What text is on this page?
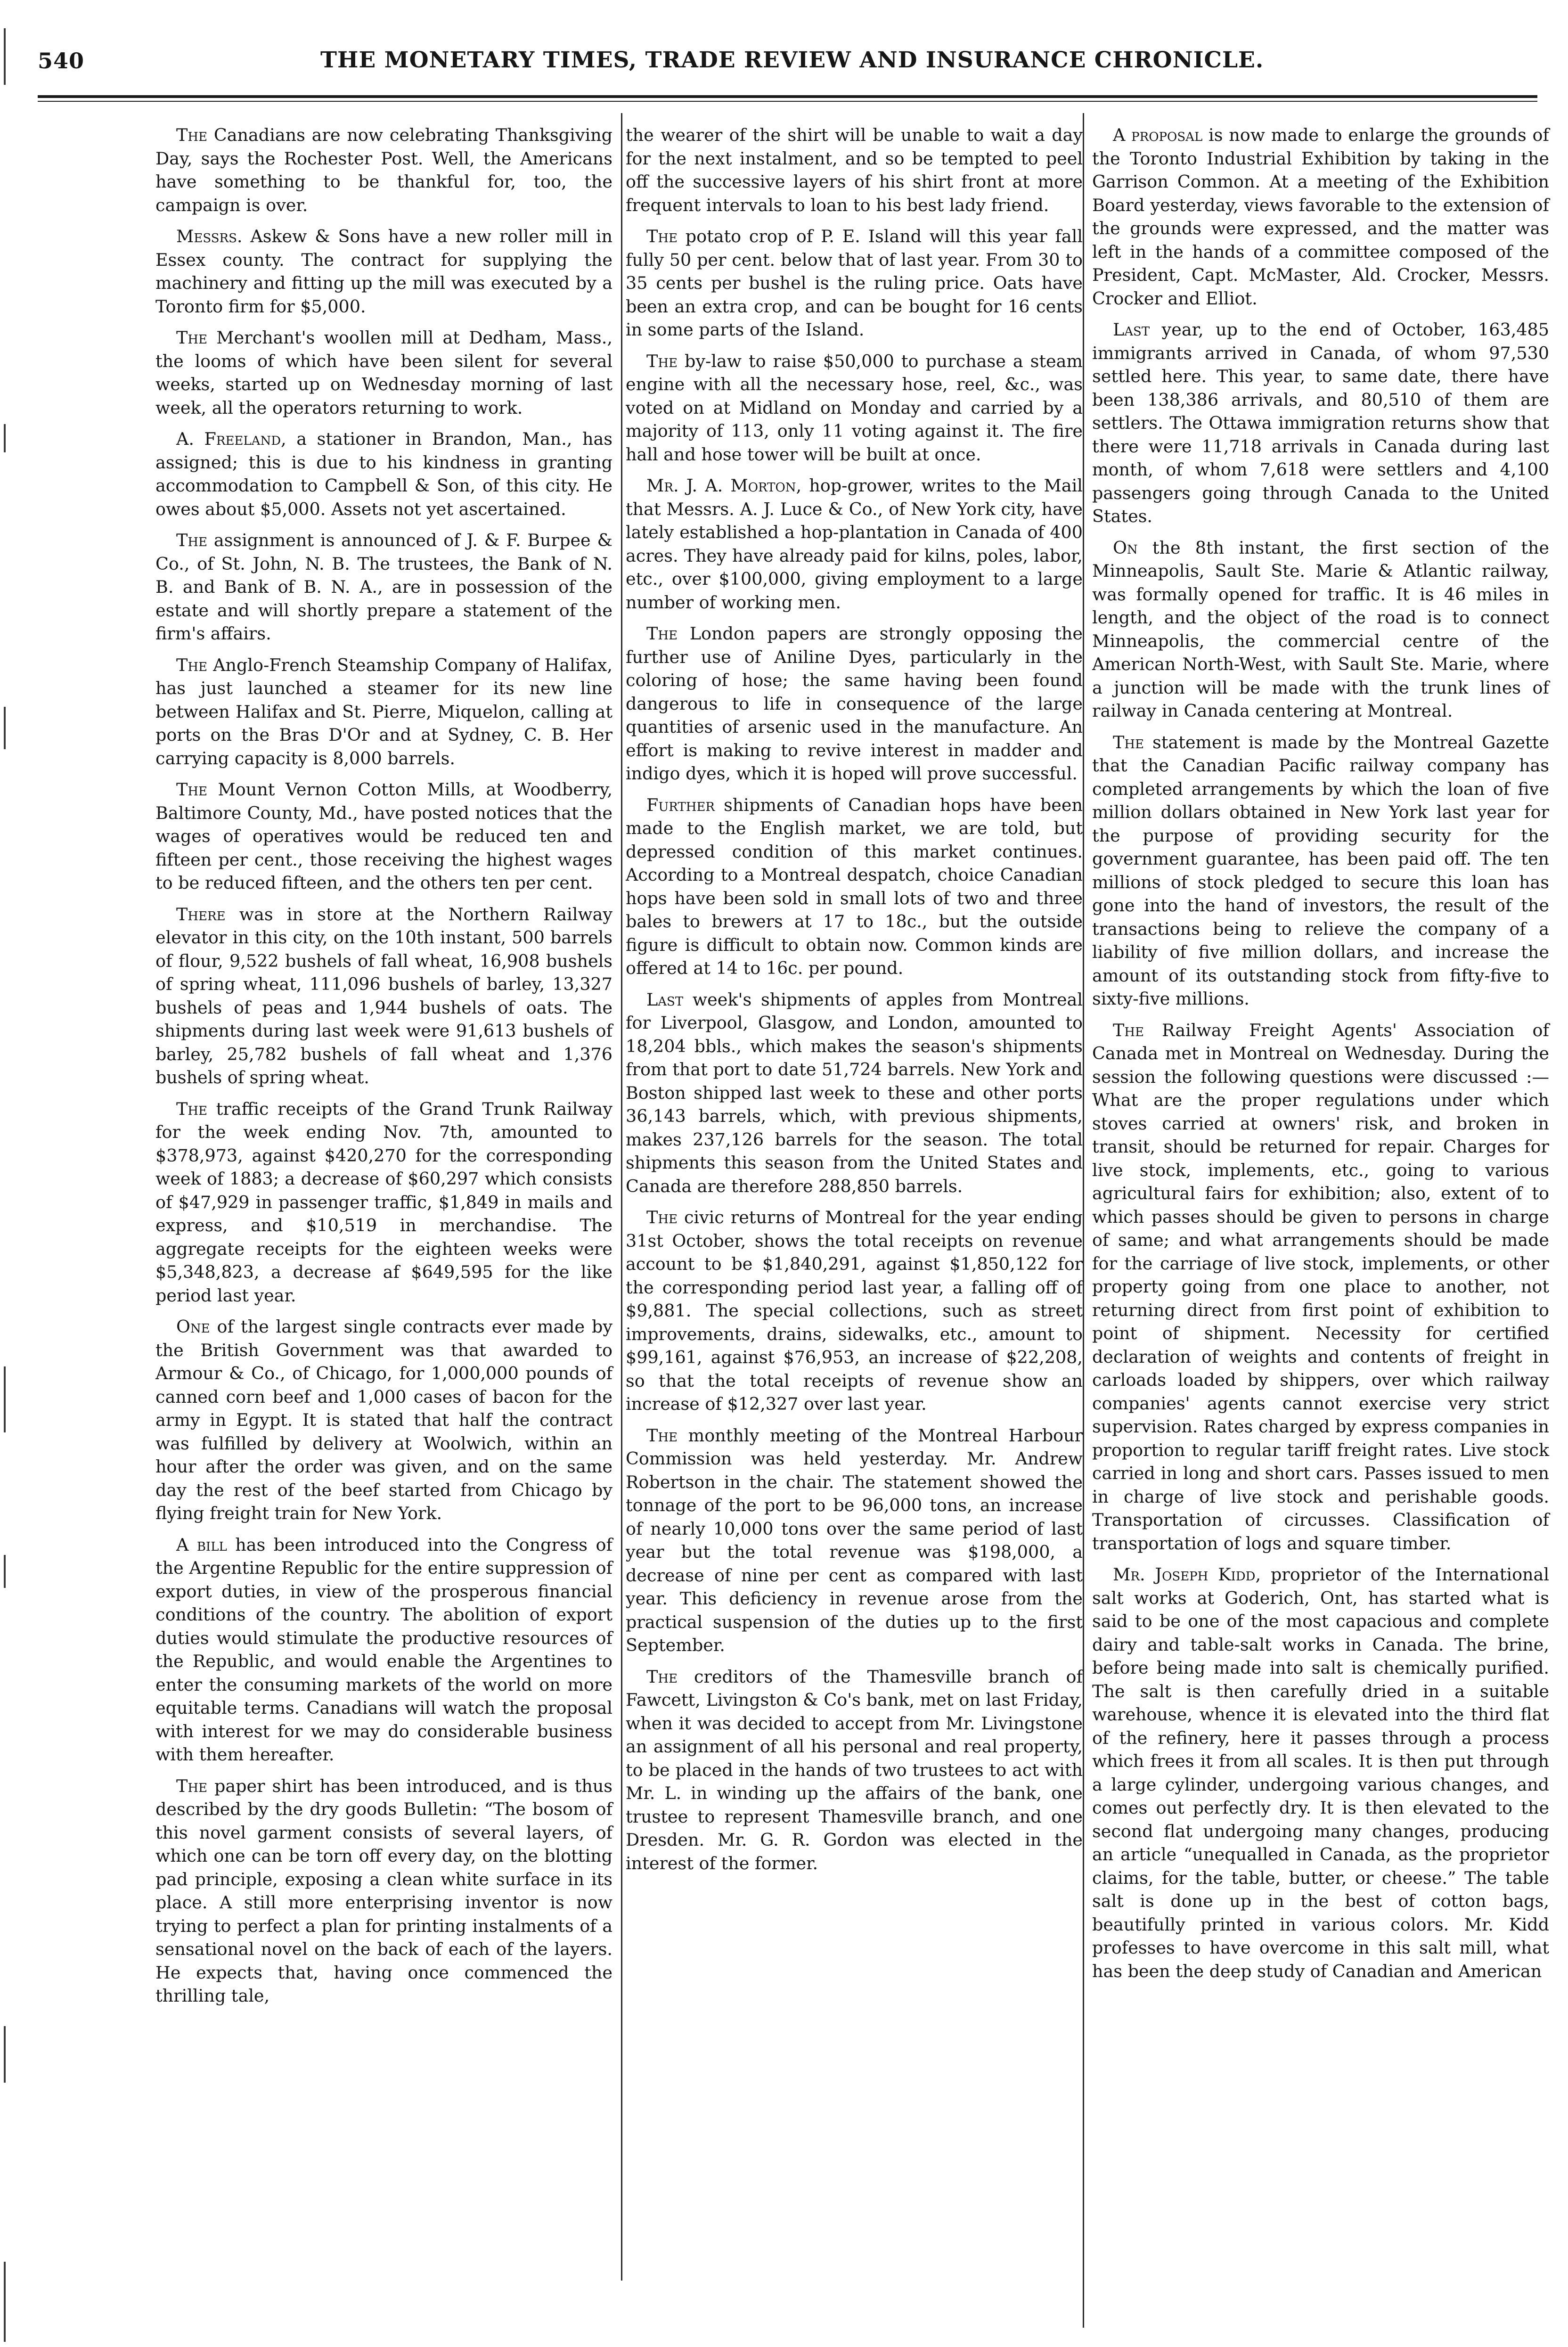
540	THE MONETARY TIMES, TRADE REVIEW AND INSURANCE CHRONICLE.

The Canadians are now celebrating Thanksgiving Day, says the Rochester Post. Well, the Americans have something to be thankful for, too, the campaign is over.

Messrs. Askew & Sons have a new roller mill in Essex county. The contract for supplying the machinery and fitting up the mill was executed by a Toronto firm for $5,000.

The Merchant's woollen mill at Dedham, Mass., the looms of which have been silent for several weeks, started up on Wednesday morning of last week, all the operators returning to work.

A. Freeland, a stationer in Brandon, Man., has assigned; this is due to his kindness in granting accommodation to Campbell & Son, of this city. He owes about $5,000. Assets not yet ascertained.

The assignment is announced of J. & F. Burpee & Co., of St. John, N. B. The trustees, the Bank of N. B. and Bank of B. N. A., are in possession of the estate and will shortly prepare a statement of the firm's affairs.

The Anglo-French Steamship Company of Halifax, has just launched a steamer for its new line between Halifax and St. Pierre, Miquelon, calling at ports on the Bras D'Or and at Sydney, C. B. Her carrying capacity is 8,000 barrels.

The Mount Vernon Cotton Mills, at Woodberry, Baltimore County, Md., have posted notices that the wages of operatives would be reduced ten and fifteen per cent., those receiving the highest wages to be reduced fifteen, and the others ten per cent.

There was in store at the Northern Railway elevator in this city, on the 10th instant, 500 barrels of flour, 9,522 bushels of fall wheat, 16,908 bushels of spring wheat, 111,096 bushels of barley, 13,327 bushels of peas and 1,944 bushels of oats. The shipments during last week were 91,613 bushels of barley, 25,782 bushels of fall wheat and 1,376 bushels of spring wheat.

The traffic receipts of the Grand Trunk Railway for the week ending Nov. 7th, amounted to $378,973, against $420,270 for the corresponding week of 1883; a decrease of $60,297 which consists of $47,929 in passenger traffic, $1,849 in mails and express, and $10,519 in merchandise. The aggregate receipts for the eighteen weeks were $5,348,823, a decrease af $649,595 for the like period last year.

One of the largest single contracts ever made by the British Government was that awarded to Armour & Co., of Chicago, for 1,000,000 pounds of canned corn beef and 1,000 cases of bacon for the army in Egypt. It is stated that half the contract was fulfilled by delivery at Woolwich, within an hour after the order was given, and on the same day the rest of the beef started from Chicago by flying freight train for New York.

A bill has been introduced into the Congress of the Argentine Republic for the entire suppression of export duties, in view of the prosperous financial conditions of the country. The abolition of export duties would stimulate the productive resources of the Republic, and would enable the Argentines to enter the consuming markets of the world on more equitable terms. Canadians will watch the proposal with interest for we may do considerable business with them hereafter.

The paper shirt has been introduced, and is thus described by the dry goods Bulletin: “The bosom of this novel garment consists of several layers, of which one can be torn off every day, on the blotting pad principle, exposing a clean white surface in its place. A still more enterprising inventor is now trying to perfect a plan for printing instalments of a sensational novel on the back of each of the layers. He expects that, having once commenced the thrilling tale,

the wearer of the shirt will be unable to wait a day for the next instalment, and so be tempted to peel off the successive layers of his shirt front at more frequent intervals to loan to his best lady friend.

The potato crop of P. E. Island will this year fall fully 50 per cent. below that of last year. From 30 to 35 cents per bushel is the ruling price. Oats have been an extra crop, and can be bought for 16 cents in some parts of the Island.

The by-law to raise $50,000 to purchase a steam engine with all the necessary hose, reel, &c., was voted on at Midland on Monday and carried by a majority of 113, only 11 voting against it. The fire hall and hose tower will be built at once.

Mr. J. A. Morton, hop-grower, writes to the Mail that Messrs. A. J. Luce & Co., of New York city, have lately established a hop-plantation in Canada of 400 acres. They have already paid for kilns, poles, labor, etc., over $100,000, giving employment to a large number of working men.

The London papers are strongly opposing the further use of Aniline Dyes, particularly in the coloring of hose; the same having been found dangerous to life in consequence of the large quantities of arsenic used in the manufacture. An effort is making to revive interest in madder and indigo dyes, which it is hoped will prove successful.

Further shipments of Canadian hops have been made to the English market, we are told, but depressed condition of this market continues. According to a Montreal despatch, choice Canadian hops have been sold in small lots of two and three bales to brewers at 17 to 18c., but the outside figure is difficult to obtain now. Common kinds are offered at 14 to 16c. per pound.

Last week's shipments of apples from Montreal for Liverpool, Glasgow, and London, amounted to 18,204 bbls., which makes the season's shipments from that port to date 51,724 barrels. New York and Boston shipped last week to these and other ports 36,143 barrels, which, with previous shipments, makes 237,126 barrels for the season. The total shipments this season from the United States and Canada are therefore 288,850 barrels.

The civic returns of Montreal for the year ending 31st October, shows the total receipts on revenue account to be $1,840,291, against $1,850,122 for the corresponding period last year, a falling off of $9,881. The special collections, such as street improvements, drains, sidewalks, etc., amount to $99,161, against $76,953, an increase of $22,208, so that the total receipts of revenue show an increase of $12,327 over last year.

The monthly meeting of the Montreal Harbour Commission was held yesterday. Mr. Andrew Robertson in the chair. The statement showed the tonnage of the port to be 96,000 tons, an increase of nearly 10,000 tons over the same period of last year but the total revenue was $198,000, a decrease of nine per cent as compared with last year. This deficiency in revenue arose from the practical suspension of the duties up to the first September.

The creditors of the Thamesville branch of Fawcett, Livingston & Co's bank, met on last Friday, when it was decided to accept from Mr. Livingstone an assignment of all his personal and real property, to be placed in the hands of two trustees to act with Mr. L. in winding up the affairs of the bank, one trustee to represent Thamesville branch, and one Dresden. Mr. G. R. Gordon was elected in the interest of the former.

A proposal is now made to enlarge the grounds of the Toronto Industrial Exhibition by taking in the Garrison Common. At a meeting of the Exhibition Board yesterday, views favorable to the extension of the grounds were expressed, and the matter was left in the hands of a committee composed of the President, Capt. McMaster, Ald. Crocker, Messrs. Crocker and Elliot.

Last year, up to the end of October, 163,485 immigrants arrived in Canada, of whom 97,530 settled here. This year, to same date, there have been 138,386 arrivals, and 80,510 of them are settlers. The Ottawa immigration returns show that there were 11,718 arrivals in Canada during last month, of whom 7,618 were settlers and 4,100 passengers going through Canada to the United States.

On the 8th instant, the first section of the Minneapolis, Sault Ste. Marie & Atlantic railway, was formally opened for traffic. It is 46 miles in length, and the object of the road is to connect Minneapolis, the commercial centre of the American North-West, with Sault Ste. Marie, where a junction will be made with the trunk lines of railway in Canada centering at Montreal.

The statement is made by the Montreal Gazette that the Canadian Pacific railway company has completed arrangements by which the loan of five million dollars obtained in New York last year for the purpose of providing security for the government guarantee, has been paid off. The ten millions of stock pledged to secure this loan has gone into the hand of investors, the result of the transactions being to relieve the company of a liability of five million dollars, and increase the amount of its outstanding stock from fifty-five to sixty-five millions.

The Railway Freight Agents' Association of Canada met in Montreal on Wednesday. During the session the following questions were discussed :—What are the proper regulations under which stoves carried at owners' risk, and broken in transit, should be returned for repair. Charges for live stock, implements, etc., going to various agricultural fairs for exhibition; also, extent of to which passes should be given to persons in charge of same; and what arrangements should be made for the carriage of live stock, implements, or other property going from one place to another, not returning direct from first point of exhibition to point of shipment. Necessity for certified declaration of weights and contents of freight in carloads loaded by shippers, over which railway companies' agents cannot exercise very strict supervision. Rates charged by express companies in proportion to regular tariff freight rates. Live stock carried in long and short cars. Passes issued to men in charge of live stock and perishable goods. Transportation of circusses. Classification of transportation of logs and square timber.

Mr. Joseph Kidd, proprietor of the International salt works at Goderich, Ont, has started what is said to be one of the most capacious and complete dairy and table-salt works in Canada. The brine, before being made into salt is chemically purified. The salt is then carefully dried in a suitable warehouse, whence it is elevated into the third flat of the refinery, here it passes through a process which frees it from all scales. It is then put through a large cylinder, undergoing various changes, and comes out perfectly dry. It is then elevated to the second flat undergoing many changes, producing an article “unequalled in Canada, as the proprietor claims, for the table, butter, or cheese.” The table salt is done up in the best of cotton bags, beautifully printed in various colors. Mr. Kidd professes to have overcome in this salt mill, what has been the deep study of Canadian and American
